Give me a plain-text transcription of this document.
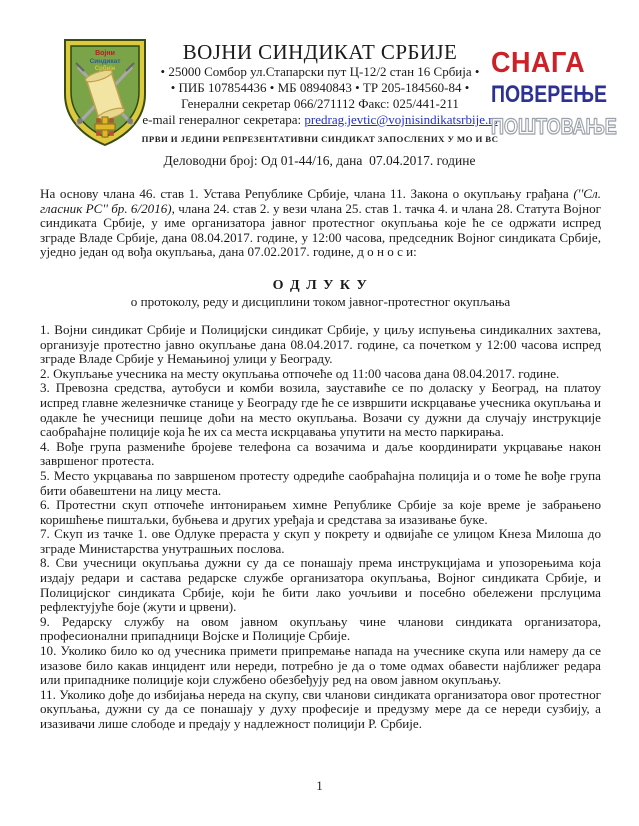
Војни
Синдикат
Србије
ВОЈНИ СИНДИКАТ СРБИЈЕ
• 25000 Сомбор ул.Стапарски пут Ц-12/2 стан 16 Србија •
• ПИБ 107854436 • МБ 08940843 • ТР 205-184560-84 •
Генерални секретар 066/271112 Факс: 025/441-211
e-mail генералног секретара: predrag.jevtic@vojnisindikatsrbije.rs
ПРВИ И ЈЕДИНИ РЕПРЕЗЕНТАТИВНИ СИНДИКАТ ЗАПОСЛЕНИХ У МО И ВС
СНАГА
ПОВЕРЕЊЕ
ПОШТОВАЊЕ
Деловодни број: Од 01-44/16, дана  07.04.2017. године

На основу члана 46. став 1. Устава Републике Србије, члана 11. Закона о окупљању грађана (''Сл. гласник РС'' бр. 6/2016), члана 24. став 2. у вези члана 25. став 1. тачка 4. и члана 28. Статута Војног синдиката Србије, у име организатора јавног протестног окупљања које ће се одржати испред зграде Владе Србије, дана 08.04.2017. године, у 12:00 часова, председник Војног синдиката Србије, уједно један од вођа окупљања, дана 07.02.2017. године, д о н о с и:

О Д Л У К У

о протоколу, реду и дисциплини током јавног-протестног окупљања

1. Војни синдикат Србије и Полицијски синдикат Србије, у циљу испуњења синдикалних захтева, организује протестно јавно окупљање дана 08.04.2017. године, са почетком у 12:00 часова испред зграде Владе Србије у Немањиној улици у Београду.

2. Окупљање учесника на месту окупљања отпочеће од 11:00 часова дана 08.04.2017. године.

3. Превозна средства, аутобуси и комби возила, зауставиће се по доласку у Београд, на платоу испред главне железничке станице у Београду где ће се извршити искрцавање учесника окупљања и одакле ће учесници пешице доћи на место окупљања. Возачи су дужни да случају инструкције саобраћајне полиције која ће их са места искрцавања упутити на место паркирања.

4. Вође група размениће бројеве телефона са возачима и даље координирати укрцавање након завршеног протеста.

5. Место укрцавања по завршеном протесту одредиће саобраћајна полиција и о томе ће вође група бити обавештени на лицу места.

6. Протестни скуп отпочеће интонирањем химне Републике Србије за које време је забрањено коришћење пиштаљки, бубњева и других уређаја и средстава за изазивање буке.

7. Скуп из тачке 1. ове Одлуке прераста у скуп у покрету и одвијаће се улицом Кнеза Милоша до зграде Министарства унутрашњих послова.

8. Сви учесници окупљања дужни су да се понашају према инструкцијама и упозорењима која издају редари и састава редарске службе организатора окупљања, Војног синдиката Србије, и Полицијског синдиката Србије, који ће бити лако уочљиви и посебно обележени прслуцима рефлектујуће боје (жути и црвени).

9. Редарску службу на овом јавном окупљању чине чланови синдиката организатора, професионални припадници Војске и Полиције Србије.

10. Уколико било ко од учесника примети припремање напада на учеснике скупа или намеру да се изазове било какав инцидент или нереди, потребно је да о томе одмах обавести најближег редара или припаднике полиције који службено обезбеђују ред на овом јавном окупљању.

11. Уколико дође до избијања нереда на скупу, сви чланови синдиката организатора овог протестног окупљања, дужни су да се понашају у духу професије и предузму мере да се нереди сузбију, а изазивачи лише слободе и предају у надлежност полицији Р. Србије.

1
